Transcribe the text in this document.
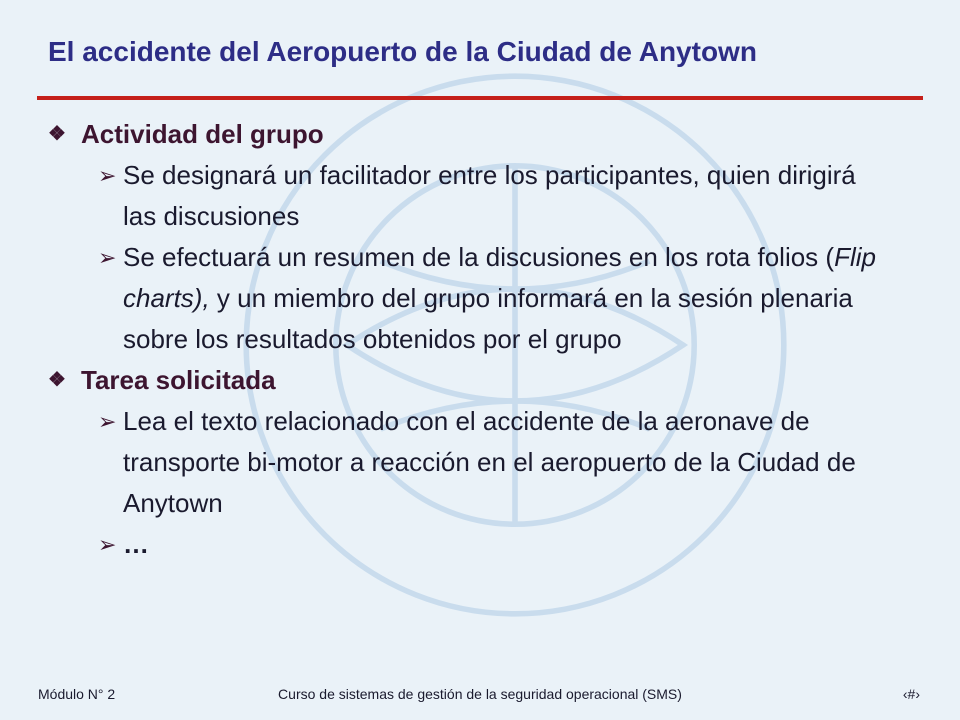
El accidente del Aeropuerto de la Ciudad de Anytown
❖ Actividad del grupo
➢ Se designará un facilitador entre los participantes, quien dirigirá las discusiones
➢ Se efectuará un resumen de la discusiones en los rota folios (Flip charts), y un miembro del grupo informará en la sesión plenaria sobre los resultados obtenidos por el grupo
❖ Tarea solicitada
➢ Lea el texto relacionado con el accidente de la aeronave de transporte bi-motor a reacción en el aeropuerto de la Ciudad de Anytown
➢ …
Módulo N° 2	Curso de sistemas de gestión de la seguridad operacional (SMS)	‹#›
